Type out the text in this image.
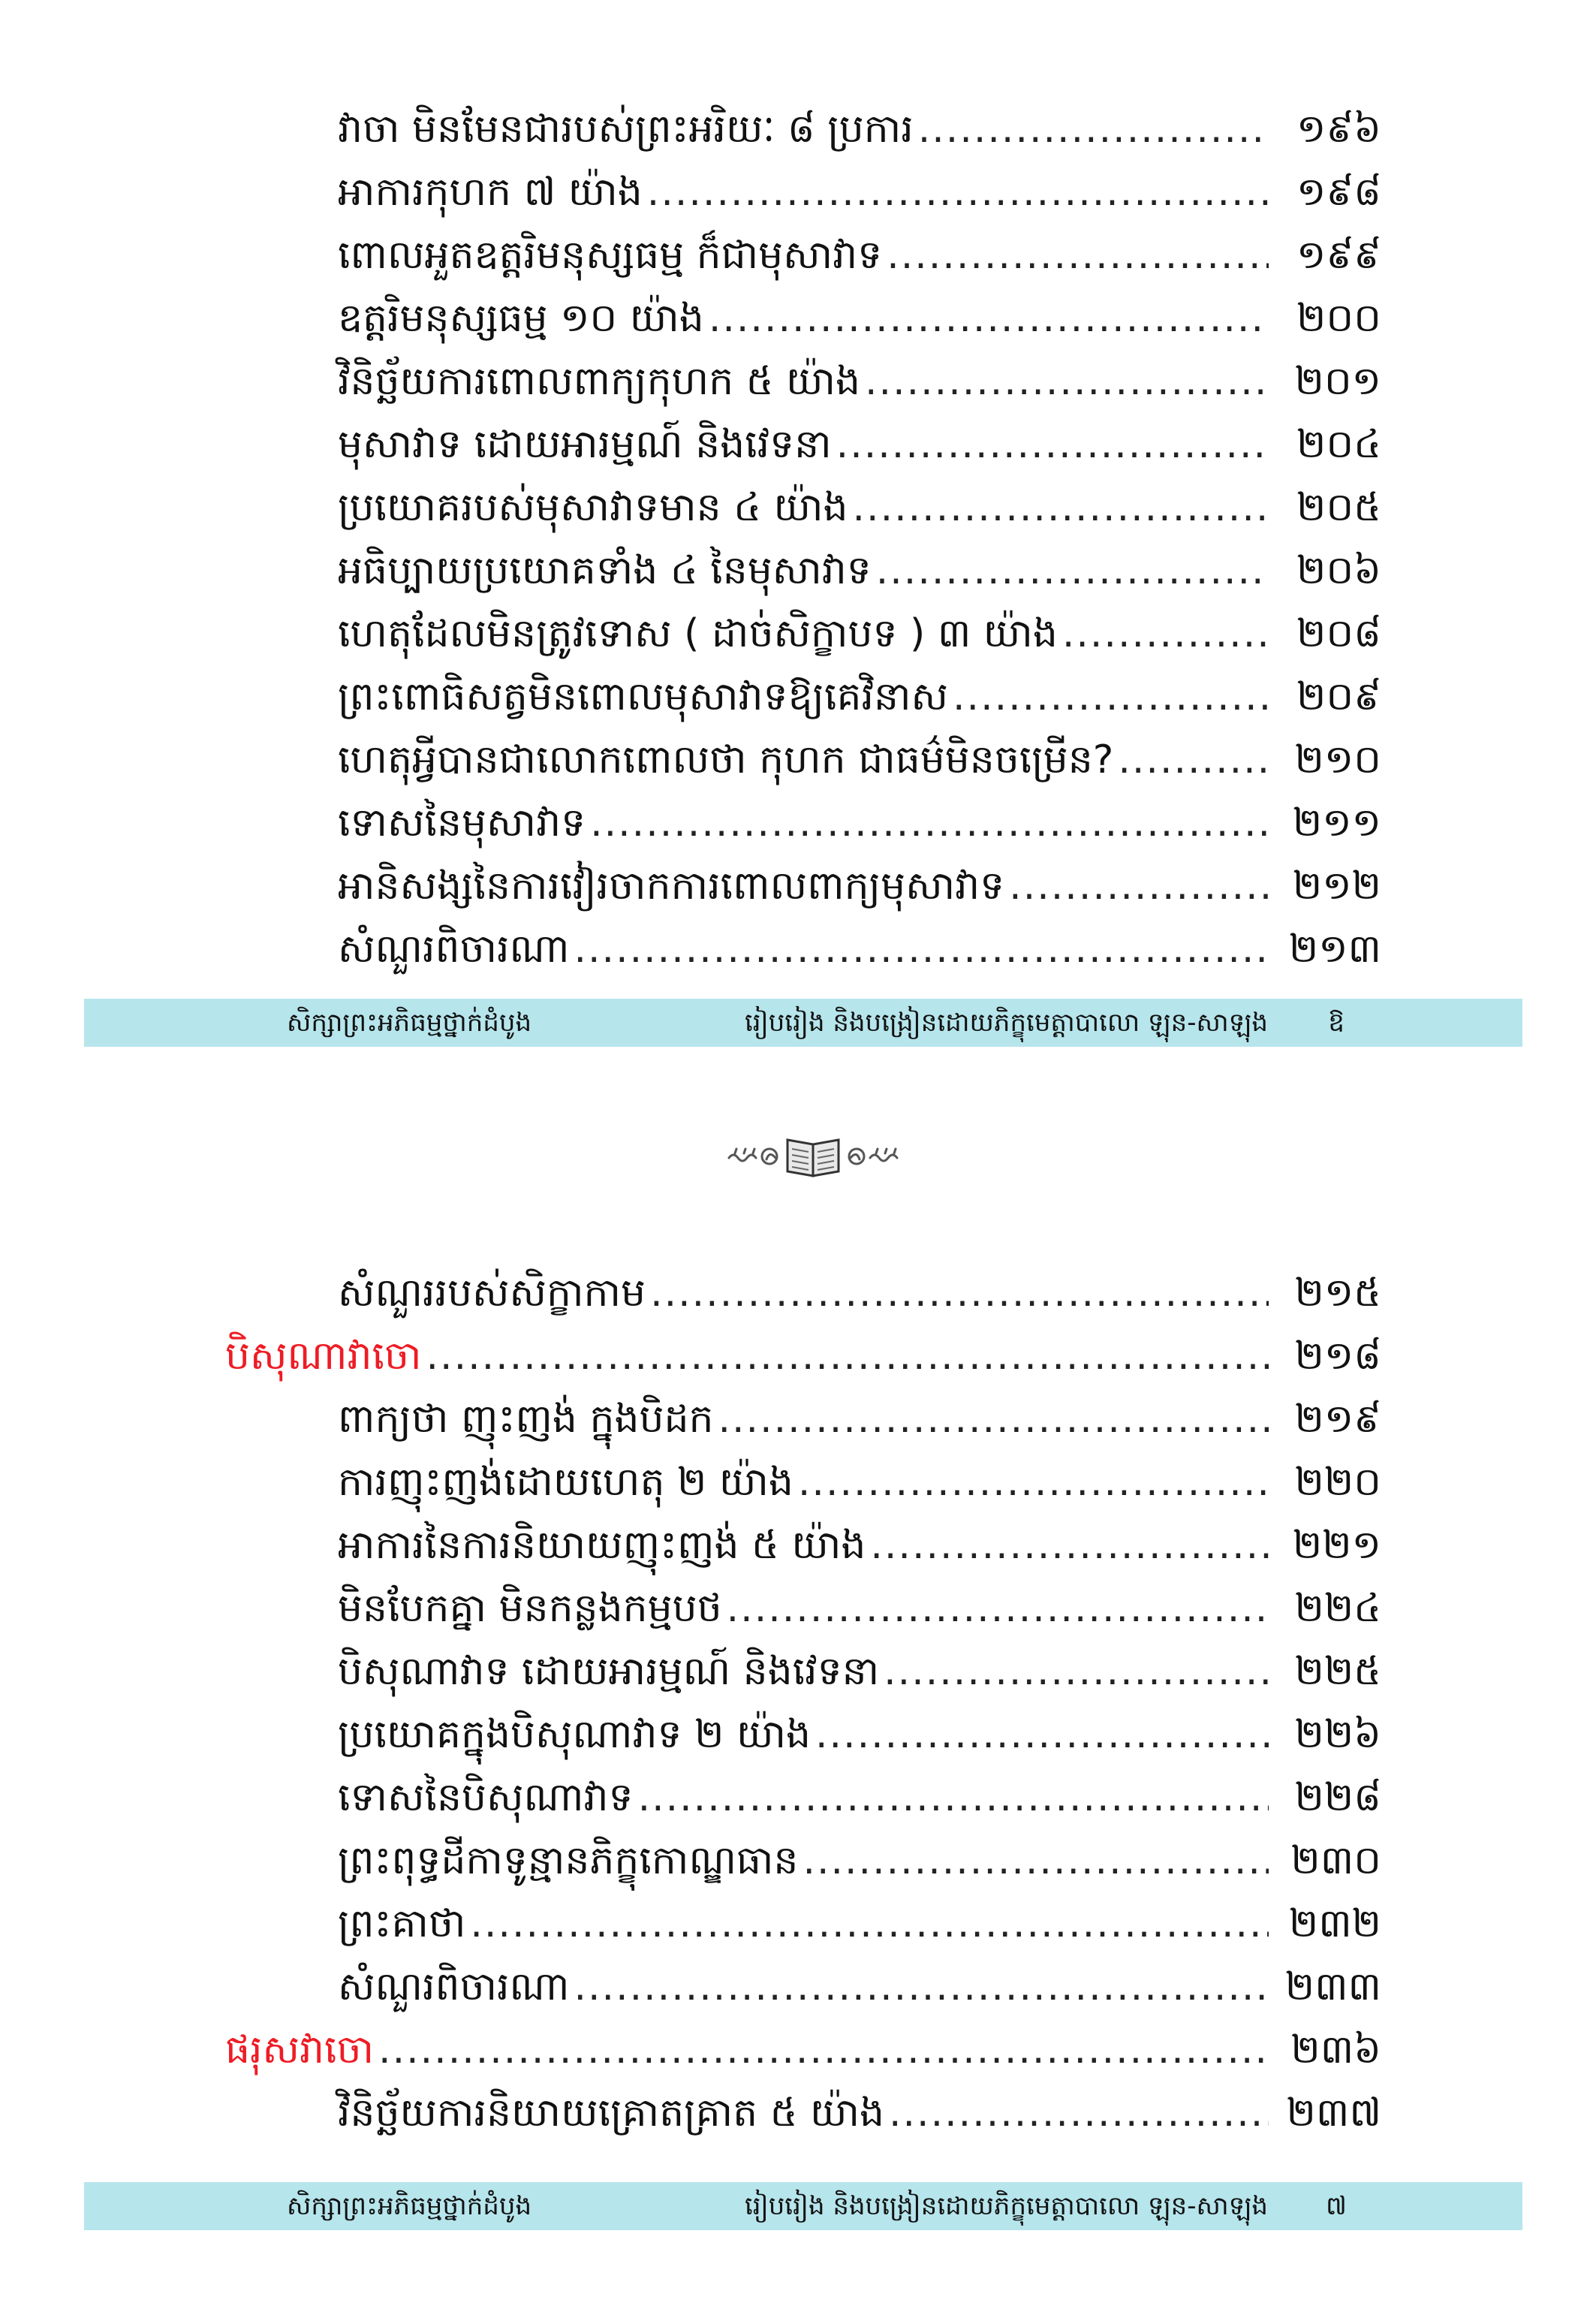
វាចា មិនមែនជារបស់ព្រះអរិយៈ ៨ ប្រការ .....	១៩៦
អាការកុហក ៧ យ៉ាង .....	១៩៨
ពោលអួតឧត្តរិមនុស្សធម្ម ក៏ជាមុសាវាទ .....	១៩៩
ឧត្តរិមនុស្សធម្ម ១០ យ៉ាង .....	២០០
វិនិច្ឆ័យការពោលពាក្យកុហក ៥ យ៉ាង .....	២០១
មុសាវាទ ដោយអារម្មណ៍ និងវេទនា .....	២០៤
ប្រយោគរបស់មុសាវាទមាន ៤ យ៉ាង .....	២០៥
អធិប្បាយប្រយោគទាំង ៤ នៃមុសាវាទ .....	២០៦
ហេតុដែលមិនត្រូវទោស ( ដាច់សិក្ខាបទ ) ៣ យ៉ាង .....	២០៨
ព្រះពោធិសត្វមិនពោលមុសាវាទឱ្យគេវិនាស .....	២០៩
ហេតុអ្វីបានជាលោកពោលថា កុហក ជាធម៌មិនចម្រើន? .....	២១០
ទោសនៃមុសាវាទ .....	២១១
អានិសង្សនៃការវៀរចាកការពោលពាក្យមុសាវាទ .....	២១២
សំណួរពិចារណា .....	២១៣
សិក្សាព្រះអភិធម្មថ្នាក់ដំបូង	រៀបរៀង និងបង្រៀនដោយភិក្ខុមេត្តាបាលោ ឡុន-សាឡុង	ឱ
សំណួររបស់សិក្ខាកាម .....	២១៥
បិសុណាវាចោ .....	២១៨
ពាក្យថា ញុះញង់ ក្នុងបិដក .....	២១៩
ការញុះញង់ដោយហេតុ ២ យ៉ាង .....	២២០
អាការនៃការនិយាយញុះញង់ ៥ យ៉ាង .....	២២១
មិនបែកគ្នា មិនកន្លងកម្មបថ .....	២២៤
បិសុណាវាទ ដោយអារម្មណ៍ និងវេទនា .....	២២៥
ប្រយោគក្នុងបិសុណាវាទ ២ យ៉ាង .....	២២៦
ទោសនៃបិសុណាវាទ .....	២២៨
ព្រះពុទ្ធដីកាទូន្មានភិក្ខុកោណ្ឌធាន .....	២៣០
ព្រះគាថា .....	២៣២
សំណួរពិចារណា .....	២៣៣
ផរុសវាចោ .....	២៣៦
វិនិច្ឆ័យការនិយាយគ្រោតគ្រាត ៥ យ៉ាង .....	២៣៧
សិក្សាព្រះអភិធម្មថ្នាក់ដំបូង	រៀបរៀង និងបង្រៀនដោយភិក្ខុមេត្តាបាលោ ឡុន-សាឡុង	៧
